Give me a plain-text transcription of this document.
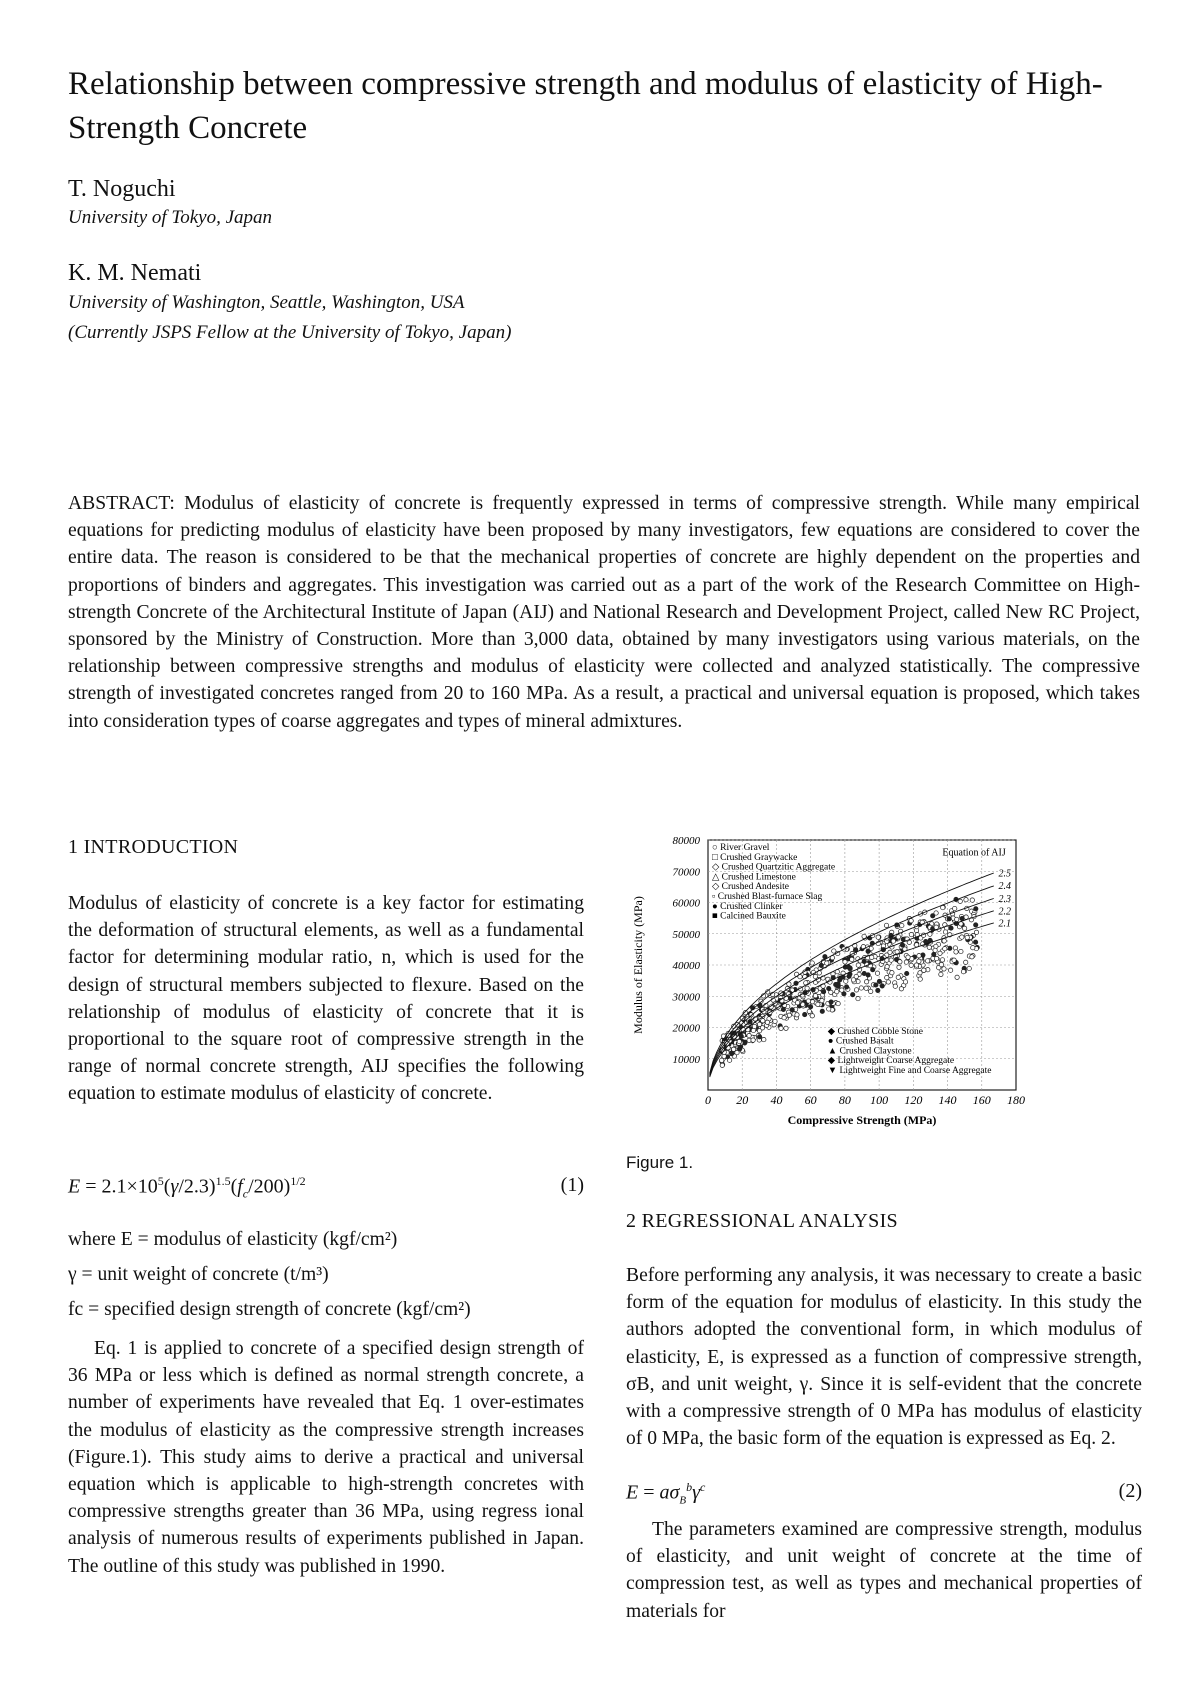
Relationship between compressive strength and modulus of elasticity of High-Strength Concrete
T. Noguchi
University of Tokyo, Japan
K. M. Nemati
University of Washington, Seattle, Washington, USA
(Currently JSPS Fellow at the University of Tokyo, Japan)
ABSTRACT: Modulus of elasticity of concrete is frequently expressed in terms of compressive strength. While many empirical equations for predicting modulus of elasticity have been proposed by many investigators, few equations are considered to cover the entire data. The reason is considered to be that the mechanical properties of concrete are highly dependent on the properties and proportions of binders and aggregates. This investigation was carried out as a part of the work of the Research Committee on High-strength Concrete of the Architectural Institute of Japan (AIJ) and National Research and Development Project, called New RC Project, sponsored by the Ministry of Construction. More than 3,000 data, obtained by many investigators using various materials, on the relationship between compressive strengths and modulus of elasticity were collected and analyzed statistically. The compressive strength of investigated concretes ranged from 20 to 160 MPa. As a result, a practical and universal equation is proposed, which takes into consideration types of coarse aggregates and types of mineral admixtures.
1 INTRODUCTION
Modulus of elasticity of concrete is a key factor for estimating the deformation of structural elements, as well as a fundamental factor for determining modular ratio, n, which is used for the design of structural members subjected to flexure. Based on the relationship of modulus of elasticity of concrete that it is proportional to the square root of compressive strength in the range of normal concrete strength, AIJ specifies the following equation to estimate modulus of elasticity of concrete.
$E = 2.1\times 10^5(\gamma/2.3)^{1.5}(f_c/200)^{1/2}$	(1)
where E = modulus of elasticity (kgf/cm²)
γ = unit weight of concrete (t/m³)
fc = specified design strength of concrete (kgf/cm²)
Eq. 1 is applied to concrete of a specified design strength of 36 MPa or less which is defined as normal strength concrete, a number of experiments have revealed that Eq. 1 over-estimates the modulus of elasticity as the compressive strength increases (Figure.1). This study aims to derive a practical and universal equation which is applicable to high-strength concretes with compressive strengths greater than 36 MPa, using regress ional analysis of numerous results of experiments published in Japan. The outline of this study was published in 1990.
10000
20000
30000
40000
50000
60000
70000
80000
0 20 40 60 80 100 120 140 160 180
Compressive Strength (MPa)
Modulus of Elasticity (MPa)
2.5
2.4
2.3
2.2
2.1
Equation of AIJ
○ River Gravel
□ Crushed Graywacke
◇ Crushed Quartzitic Aggregate
△ Crushed Limestone
◇ Crushed Andesite
▫ Crushed Blast-furnace Slag
● Crushed Clinker
■ Calcined Bauxite
◆ Crushed Cobble Stone
● Crushed Basalt
▲ Crushed Claystone
◆ Lightweight Coarse Aggregate
▼ Lightweight Fine and Coarse Aggregate
Figure 1.
2 REGRESSIONAL ANALYSIS
Before performing any analysis, it was necessary to create a basic form of the equation for modulus of elasticity. In this study the authors adopted the conventional form, in which modulus of elasticity, E, is expressed as a function of compressive strength, σB, and unit weight, γ. Since it is self-evident that the concrete with a compressive strength of 0 MPa has modulus of elasticity of 0 MPa, the basic form of the equation is expressed as Eq. 2.
$E = a\sigma_B^b\gamma^c$	(2)
The parameters examined are compressive strength, modulus of elasticity, and unit weight of concrete at the time of compression test, as well as types and mechanical properties of materials for
